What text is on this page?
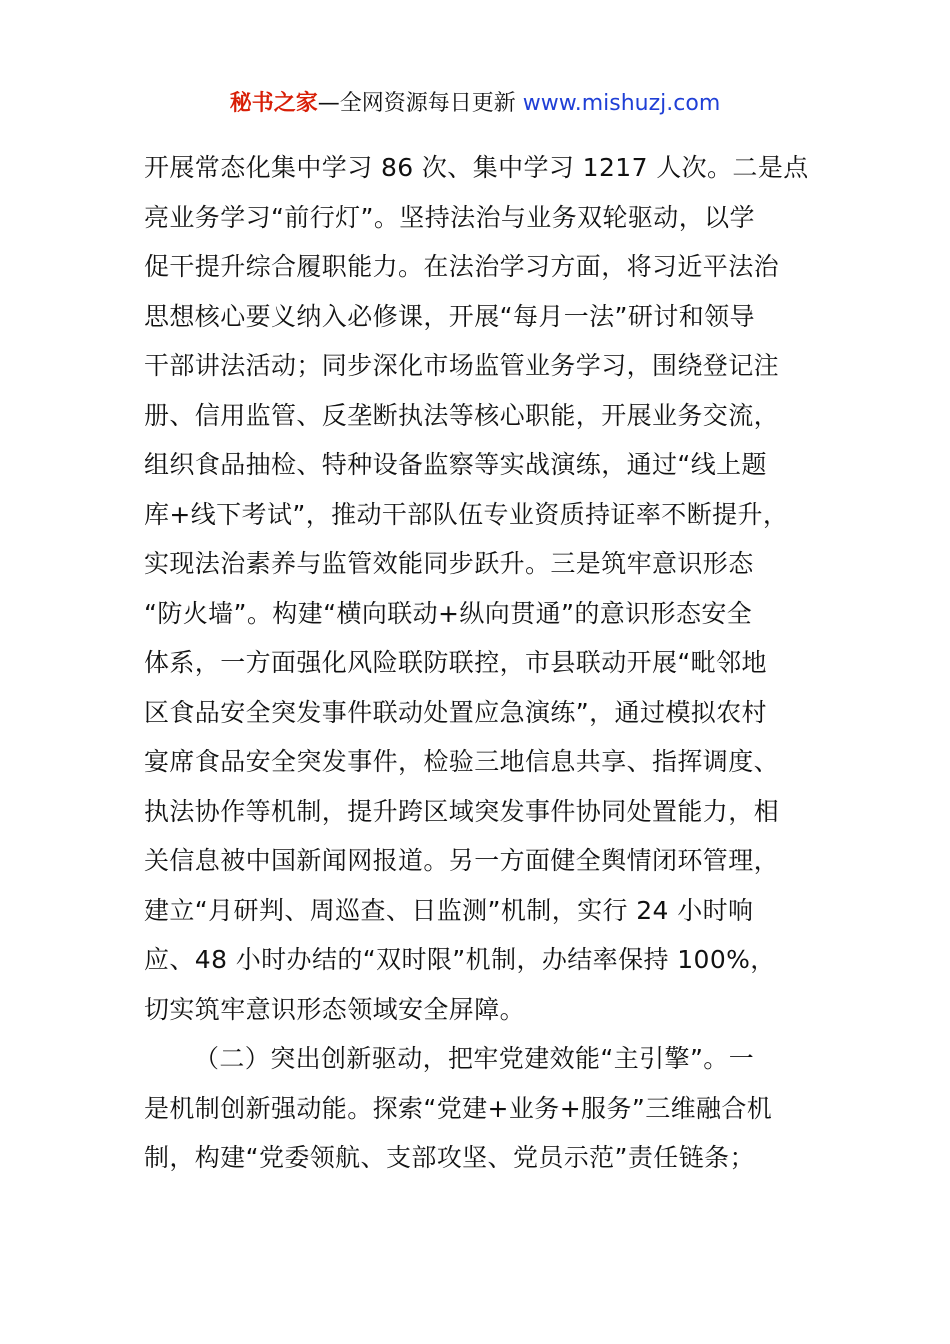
秘书之家—全网资源每日更新 www.mishuzj.com
开展常态化集中学习 86 次、集中学习 1217 人次。二是点
亮业务学习“前行灯”。坚持法治与业务双轮驱动，以学
促干提升综合履职能力。在法治学习方面，将习近平法治
思想核心要义纳入必修课，开展“每月一法”研讨和领导
干部讲法活动；同步深化市场监管业务学习，围绕登记注
册、信用监管、反垄断执法等核心职能，开展业务交流，
组织食品抽检、特种设备监察等实战演练，通过“线上题
库+线下考试”，推动干部队伍专业资质持证率不断提升，
实现法治素养与监管效能同步跃升。三是筑牢意识形态
“防火墙”。构建“横向联动+纵向贯通”的意识形态安全
体系，一方面强化风险联防联控，市县联动开展“毗邻地
区食品安全突发事件联动处置应急演练”，通过模拟农村
宴席食品安全突发事件，检验三地信息共享、指挥调度、
执法协作等机制，提升跨区域突发事件协同处置能力，相
关信息被中国新闻网报道。另一方面健全舆情闭环管理，
建立“月研判、周巡查、日监测”机制，实行 24 小时响
应、48 小时办结的“双时限”机制，办结率保持 100%，
切实筑牢意识形态领域安全屏障。
（二）突出创新驱动，把牢党建效能“主引擎”。一
是机制创新强动能。探索“党建+业务+服务”三维融合机
制，构建“党委领航、支部攻坚、党员示范”责任链条；
